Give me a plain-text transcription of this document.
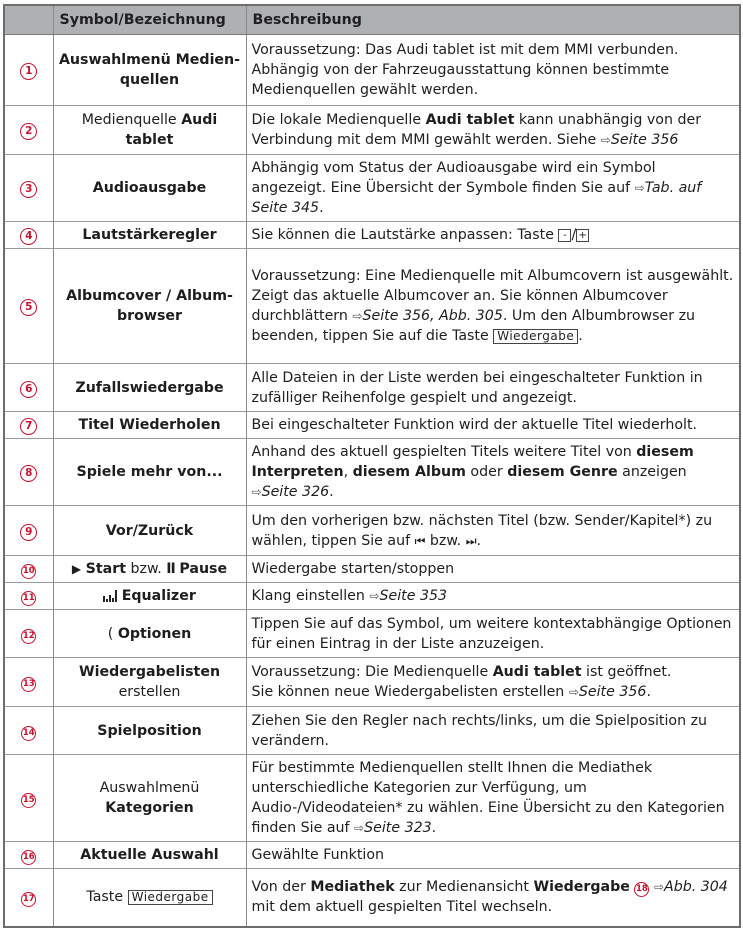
	Symbol/Bezeichnung	Beschreibung
1	Auswahlmenü Medien-quellen	Voraussetzung: Das Audi tablet ist mit dem MMI verbunden.
Abhängig von der Fahrzeugausstattung können bestimmte Medienquellen gewählt werden.

2	Medienquelle Audi tablet	Die lokale Medienquelle Audi tablet kann unabhängig von der Verbindung mit dem MMI gewählt werden. Siehe ⇨Seite 356
3	Audioausgabe	Abhängig vom Status der Audioausgabe wird ein Symbol angezeigt. Eine Übersicht der Symbole finden Sie auf ⇨Tab. auf Seite 345.
4	Lautstärkeregler	Sie können die Lautstärke anpassen: Taste - / +
5	Albumcover / Album-browser	Voraussetzung: Eine Medienquelle mit Albumcovern ist ausgewählt.
Zeigt das aktuelle Albumcover an. Sie können Albumcover durchblättern ⇨Seite 356, Abb. 305. Um den Albumbrowser zu beenden, tippen Sie auf die Taste Wiedergabe .

6	Zufallswiedergabe	Alle Dateien in der Liste werden bei eingeschalteter Funktion in zufälliger Reihenfolge gespielt und angezeigt.
7	Titel Wiederholen	Bei eingeschalteter Funktion wird der aktuelle Titel wiederholt.
8	Spiele mehr von...	Anhand des aktuell gespielten Titels weitere Titel von diesem Interpreten, diesem Album oder diesem Genre anzeigen ⇨Seite 326.
9	Vor/Zurück	Um den vorherigen bzw. nächsten Titel (bzw. Sender/Kapitel*) zu wählen, tippen Sie auf ⏮ bzw. ⏭.
10	▶ Start bzw. II Pause	Wiedergabe starten/stoppen
11	Equalizer	Klang einstellen ⇨Seite 353
12	( Optionen	Tippen Sie auf das Symbol, um weitere kontextabhängige Optionen für einen Eintrag in der Liste anzuzeigen.
13	Wiedergabelisten erstellen	Voraussetzung: Die Medienquelle Audi tablet ist geöffnet.
Sie können neue Wiedergabelisten erstellen ⇨Seite 356.

14	Spielposition	Ziehen Sie den Regler nach rechts/links, um die Spielposition zu verändern.
15	Auswahlmenü Kategorien	Für bestimmte Medienquellen stellt Ihnen die Mediathek unterschiedliche Kategorien zur Verfügung, um Audio-/Videodateien* zu wählen. Eine Übersicht zu den Kategorien finden Sie auf ⇨Seite 323.
16	Aktuelle Auswahl	Gewählte Funktion
17	Taste Wiedergabe	Von der Mediathek zur Medienansicht Wiedergabe 18 ⇨Abb. 304 mit dem aktuell gespielten Titel wechseln.
